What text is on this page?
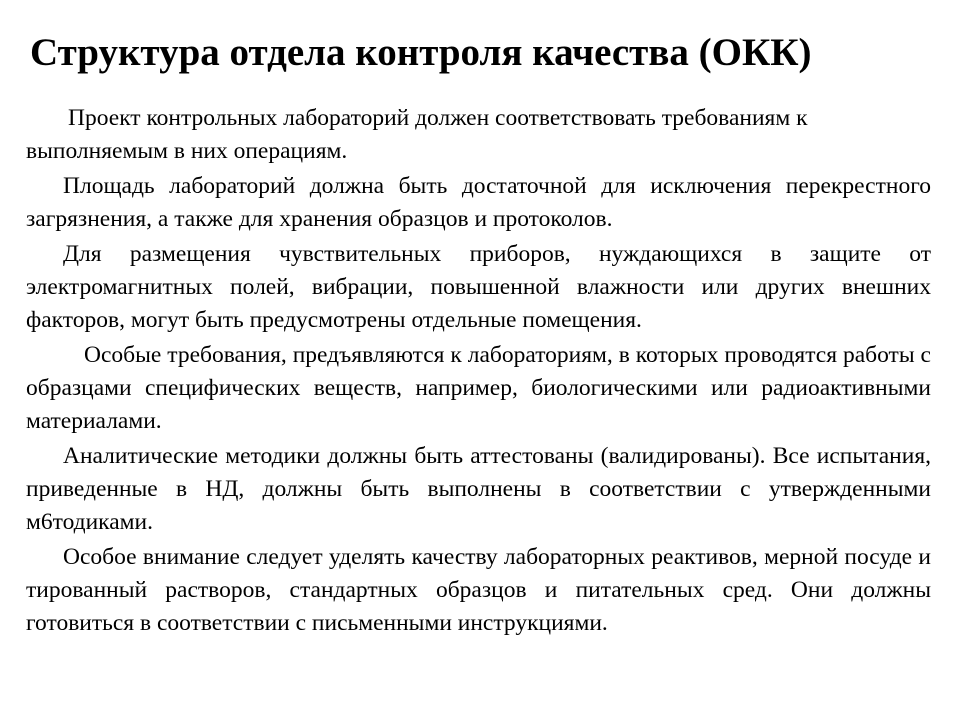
Структура отдела контроля качества (ОКК)

Проект контрольных лабораторий должен соответствовать требованиям к выполняемым в них операциям.

Площадь лабораторий должна быть достаточной для исключения перекрестного загрязнения, а также для хранения образцов и протоколов.

Для размещения чувствительных приборов, нуждающихся в защите от электромагнитных полей, вибрации, повышенной влажности или других внешних факторов, могут быть предусмотрены отдельные помещения.

Особые требования, предъявляются к лабораториям, в которых проводятся работы с образцами специфических веществ, например, биологическими или радиоактивными материалами.

Аналитические методики должны быть аттестованы (валидированы). Все испытания, приведенные в НД, должны быть выполнены в соответствии с утвержденными м6тодиками.

Особое внимание следует уделять качеству лабораторных реактивов, мерной посуде и тированный растворов, стандартных образцов и питательных сред. Они должны готовиться в соответствии с письменными инструкциями.
